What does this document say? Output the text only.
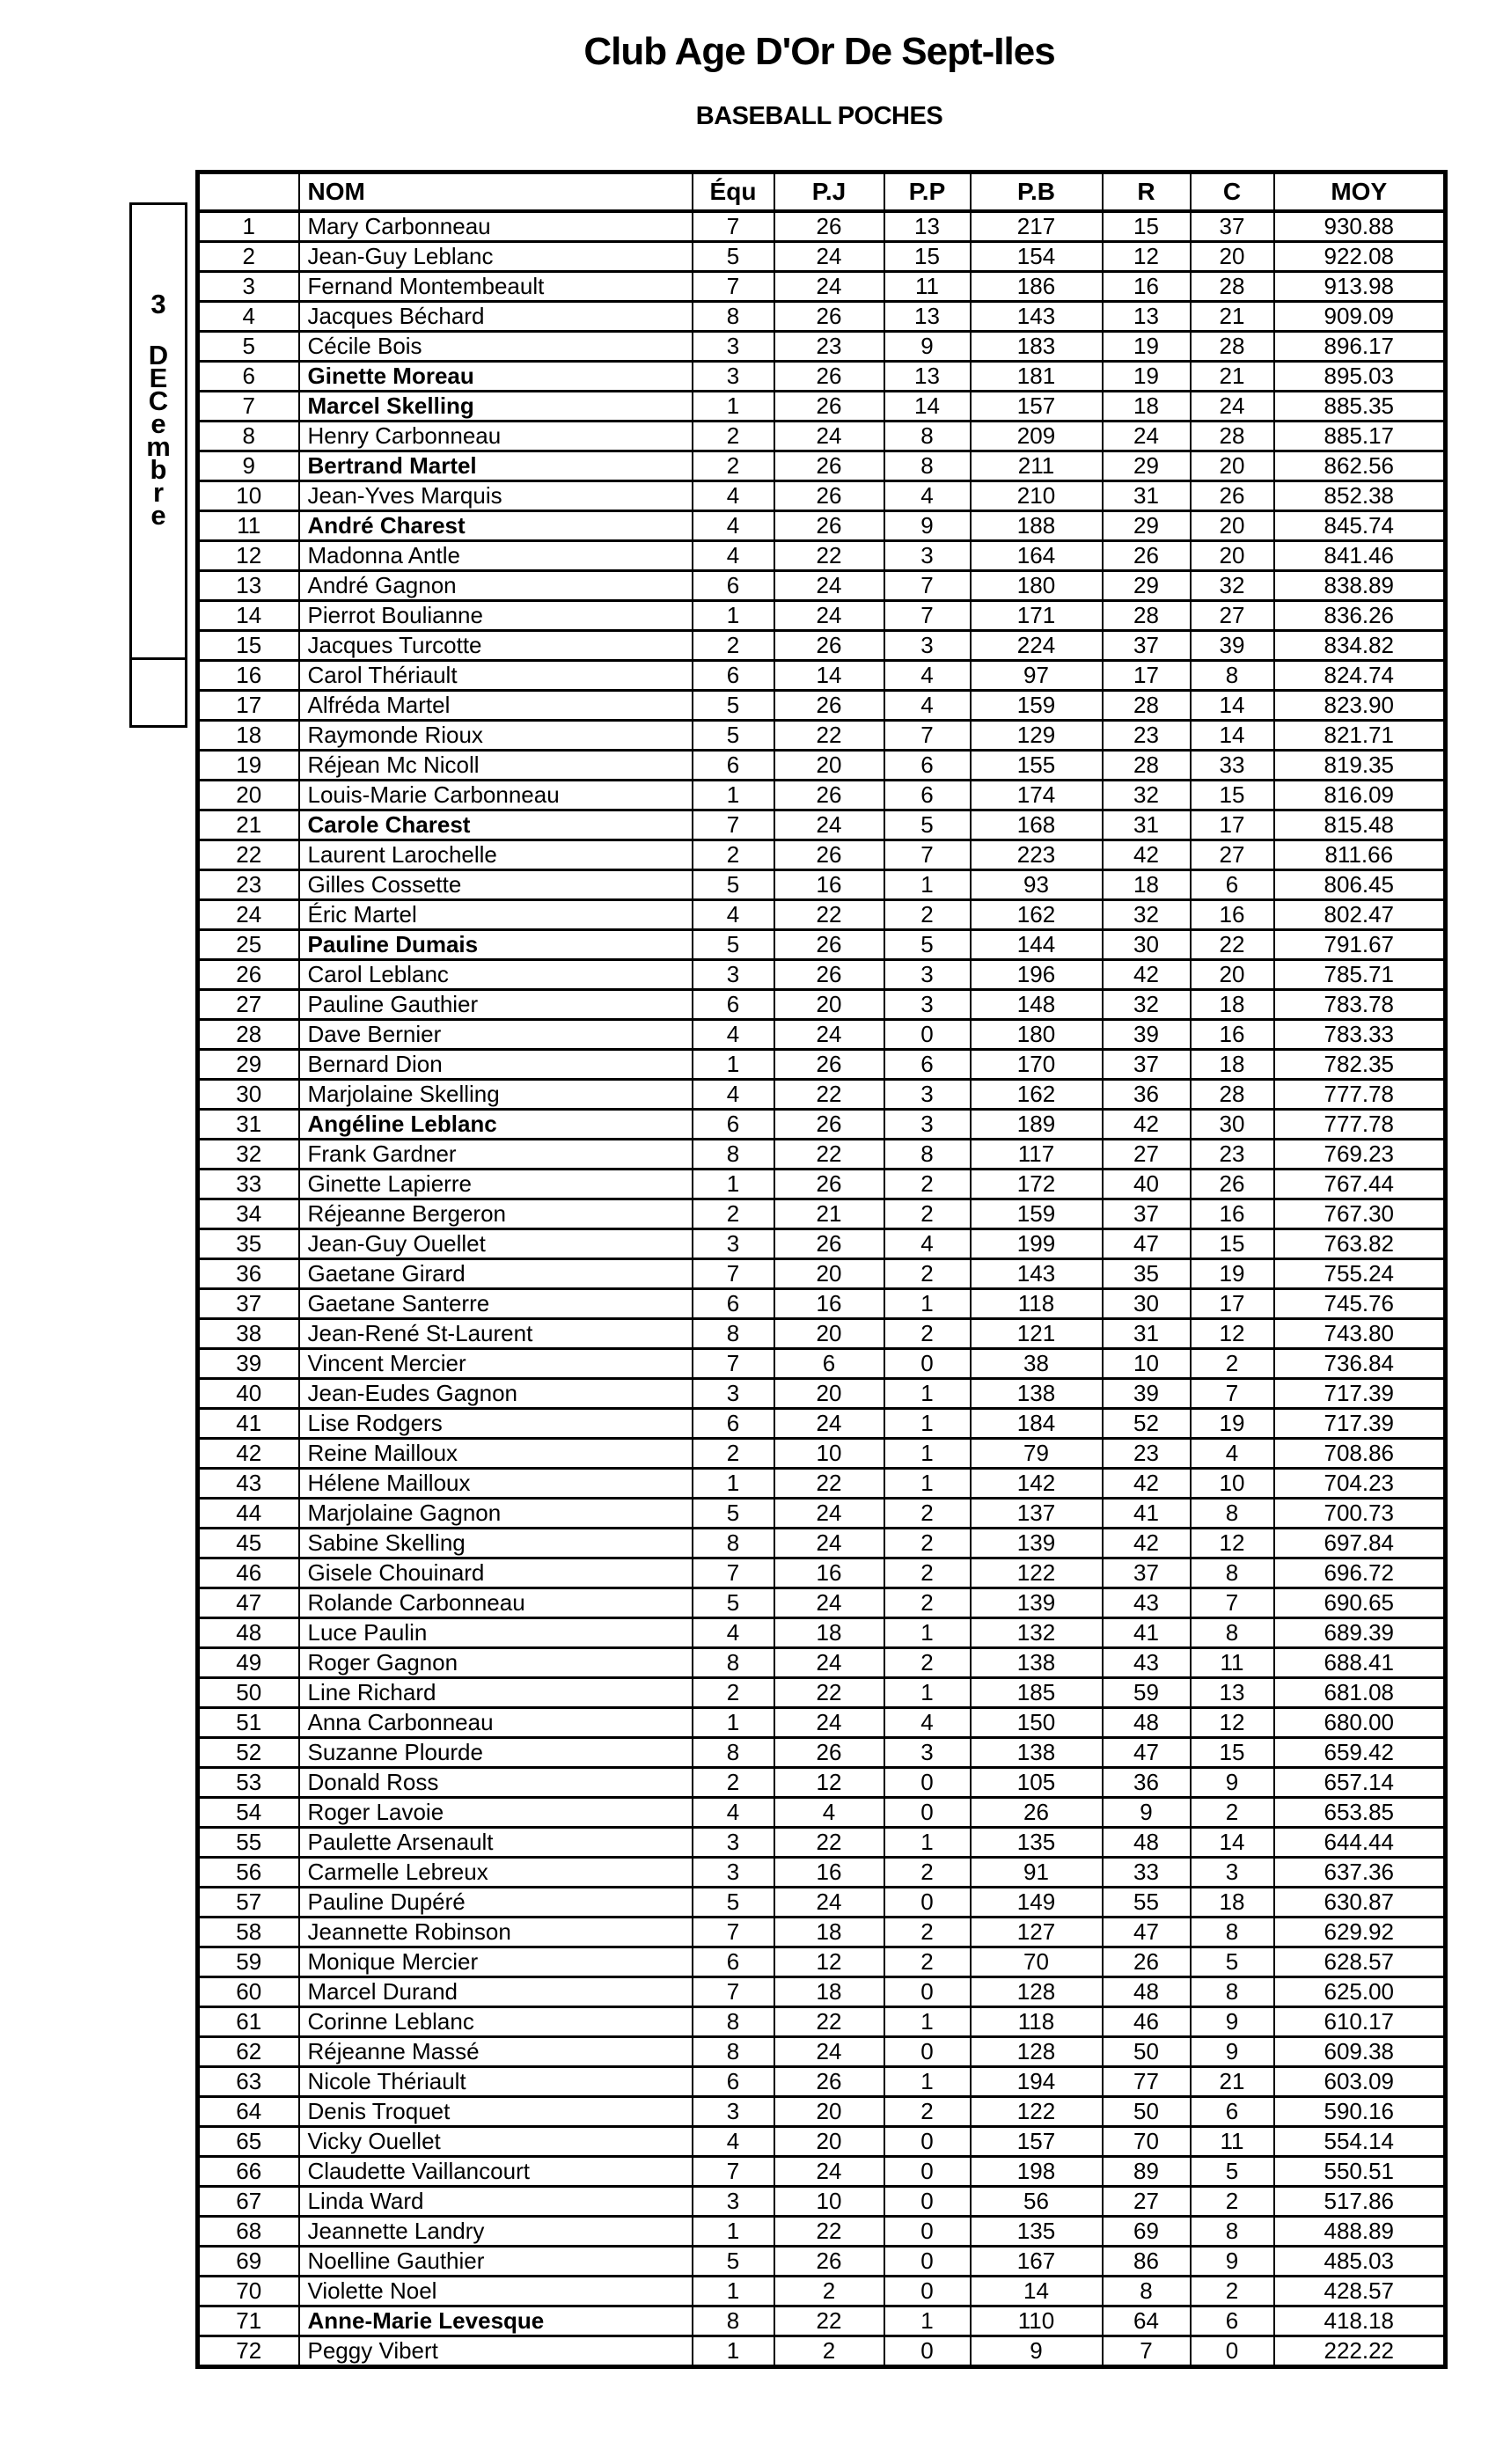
Club Age D'Or De Sept-Iles
BASEBALL POCHES
3
D
E
C
e
m
b
r
e
	NOM	Équ	P.J	P.P	P.B	R	C	MOY
1	Mary Carbonneau	7	26	13	217	15	37	930.88
2	Jean-Guy Leblanc	5	24	15	154	12	20	922.08
3	Fernand Montembeault	7	24	11	186	16	28	913.98
4	Jacques Béchard	8	26	13	143	13	21	909.09
5	Cécile Bois	3	23	9	183	19	28	896.17
6	Ginette Moreau	3	26	13	181	19	21	895.03
7	Marcel Skelling	1	26	14	157	18	24	885.35
8	Henry Carbonneau	2	24	8	209	24	28	885.17
9	Bertrand Martel	2	26	8	211	29	20	862.56
10	Jean-Yves Marquis	4	26	4	210	31	26	852.38
11	André Charest	4	26	9	188	29	20	845.74
12	Madonna Antle	4	22	3	164	26	20	841.46
13	André Gagnon	6	24	7	180	29	32	838.89
14	Pierrot Boulianne	1	24	7	171	28	27	836.26
15	Jacques Turcotte	2	26	3	224	37	39	834.82
16	Carol Thériault	6	14	4	97	17	8	824.74
17	Alfréda Martel	5	26	4	159	28	14	823.90
18	Raymonde Rioux	5	22	7	129	23	14	821.71
19	Réjean Mc Nicoll	6	20	6	155	28	33	819.35
20	Louis-Marie Carbonneau	1	26	6	174	32	15	816.09
21	Carole Charest	7	24	5	168	31	17	815.48
22	Laurent Larochelle	2	26	7	223	42	27	811.66
23	Gilles Cossette	5	16	1	93	18	6	806.45
24	Éric Martel	4	22	2	162	32	16	802.47
25	Pauline Dumais	5	26	5	144	30	22	791.67
26	Carol Leblanc	3	26	3	196	42	20	785.71
27	Pauline Gauthier	6	20	3	148	32	18	783.78
28	Dave Bernier	4	24	0	180	39	16	783.33
29	Bernard Dion	1	26	6	170	37	18	782.35
30	Marjolaine Skelling	4	22	3	162	36	28	777.78
31	Angéline Leblanc	6	26	3	189	42	30	777.78
32	Frank Gardner	8	22	8	117	27	23	769.23
33	Ginette Lapierre	1	26	2	172	40	26	767.44
34	Réjeanne Bergeron	2	21	2	159	37	16	767.30
35	Jean-Guy Ouellet	3	26	4	199	47	15	763.82
36	Gaetane Girard	7	20	2	143	35	19	755.24
37	Gaetane Santerre	6	16	1	118	30	17	745.76
38	Jean-René St-Laurent	8	20	2	121	31	12	743.80
39	Vincent Mercier	7	6	0	38	10	2	736.84
40	Jean-Eudes Gagnon	3	20	1	138	39	7	717.39
41	Lise Rodgers	6	24	1	184	52	19	717.39
42	Reine Mailloux	2	10	1	79	23	4	708.86
43	Hélene Mailloux	1	22	1	142	42	10	704.23
44	Marjolaine Gagnon	5	24	2	137	41	8	700.73
45	Sabine Skelling	8	24	2	139	42	12	697.84
46	Gisele Chouinard	7	16	2	122	37	8	696.72
47	Rolande Carbonneau	5	24	2	139	43	7	690.65
48	Luce Paulin	4	18	1	132	41	8	689.39
49	Roger Gagnon	8	24	2	138	43	11	688.41
50	Line Richard	2	22	1	185	59	13	681.08
51	Anna Carbonneau	1	24	4	150	48	12	680.00
52	Suzanne Plourde	8	26	3	138	47	15	659.42
53	Donald Ross	2	12	0	105	36	9	657.14
54	Roger Lavoie	4	4	0	26	9	2	653.85
55	Paulette Arsenault	3	22	1	135	48	14	644.44
56	Carmelle Lebreux	3	16	2	91	33	3	637.36
57	Pauline Dupéré	5	24	0	149	55	18	630.87
58	Jeannette Robinson	7	18	2	127	47	8	629.92
59	Monique Mercier	6	12	2	70	26	5	628.57
60	Marcel Durand	7	18	0	128	48	8	625.00
61	Corinne Leblanc	8	22	1	118	46	9	610.17
62	Réjeanne Massé	8	24	0	128	50	9	609.38
63	Nicole Thériault	6	26	1	194	77	21	603.09
64	Denis Troquet	3	20	2	122	50	6	590.16
65	Vicky Ouellet	4	20	0	157	70	11	554.14
66	Claudette Vaillancourt	7	24	0	198	89	5	550.51
67	Linda Ward	3	10	0	56	27	2	517.86
68	Jeannette Landry	1	22	0	135	69	8	488.89
69	Noelline Gauthier	5	26	0	167	86	9	485.03
70	Violette Noel	1	2	0	14	8	2	428.57
71	Anne-Marie Levesque	8	22	1	110	64	6	418.18
72	Peggy Vibert	1	2	0	9	7	0	222.22
